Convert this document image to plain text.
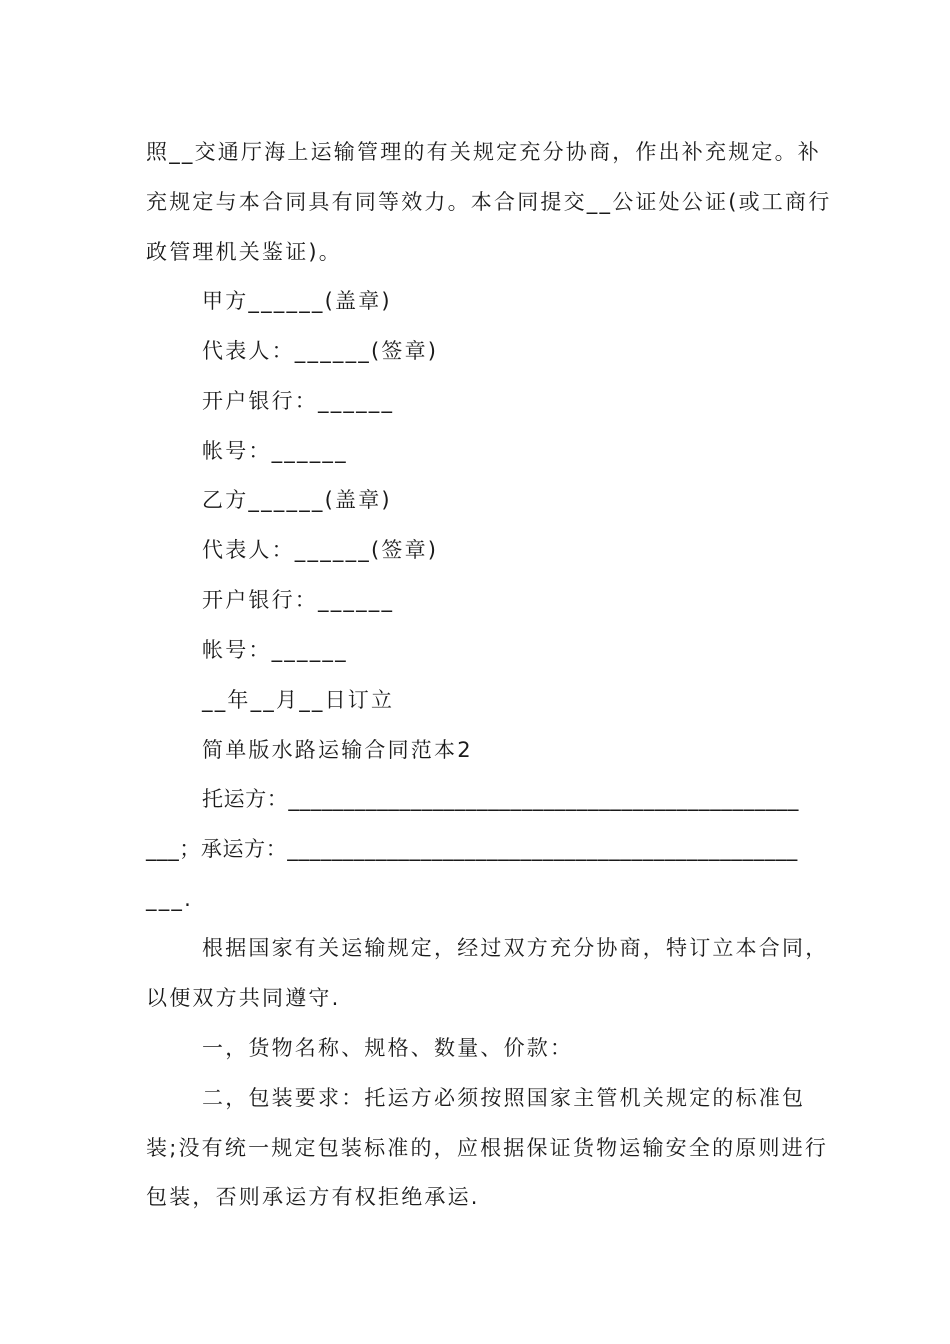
照__交通厅海上运输管理的有关规定充分协商，作出补充规定。补
充规定与本合同具有同等效力。本合同提交__公证处公证(或工商行
政管理机关鉴证)。
甲方______(盖章)
代表人：______(签章)
开户银行：______
帐号：______
乙方______(盖章)
代表人：______(签章)
开户银行：______
帐号：______
__年__月__日订立
简单版水路运输合同范本2
托运方：______________________________________________
___；承运方：______________________________________________
___.
根据国家有关运输规定，经过双方充分协商，特订立本合同，
以便双方共同遵守.
一，货物名称、规格、数量、价款：
二，包装要求：托运方必须按照国家主管机关规定的标准包
装;没有统一规定包装标准的，应根据保证货物运输安全的原则进行
包装，否则承运方有权拒绝承运.
